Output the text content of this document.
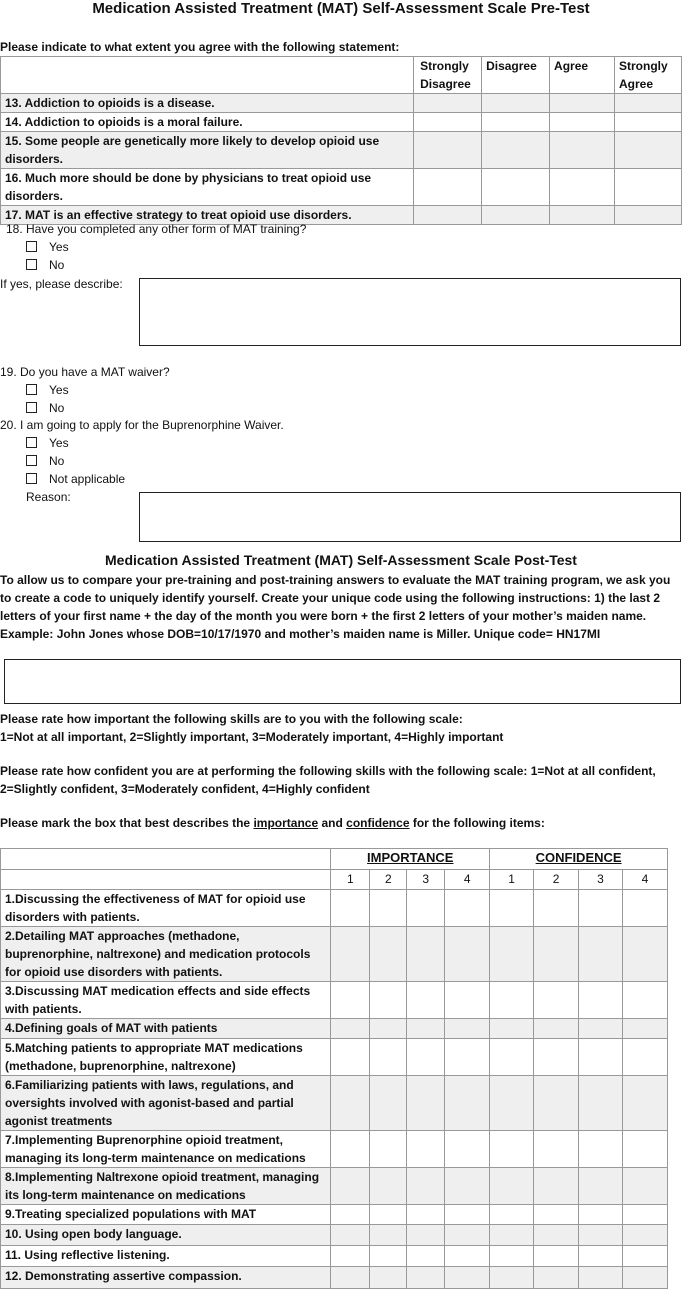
Medication Assisted Treatment (MAT) Self-Assessment Scale Pre-Test
Please indicate to what extent you agree with the following statement:
	Strongly Disagree	Disagree	Agree	Strongly Agree
13. Addiction to opioids is a disease.				
14. Addiction to opioids is a moral failure.				
15. Some people are genetically more likely to develop opioid use disorders.				
16. Much more should be done by physicians to treat opioid use disorders.				
17. MAT is an effective strategy to treat opioid use disorders.				
18. Have you completed any other form of MAT training?
Yes
No
If yes, please describe:
19. Do you have a MAT waiver?
Yes
No
20. I am going to apply for the Buprenorphine Waiver.
Yes
No
Not applicable
Reason:
Medication Assisted Treatment (MAT) Self-Assessment Scale Post-Test
To allow us to compare your pre-training and post-training answers to evaluate the MAT training program, we ask you to create a code to uniquely identify yourself. Create your unique code using the following instructions: 1) the last 2 letters of your first name + the day of the month you were born + the first 2 letters of your mother’s maiden name. Example: John Jones whose DOB=10/17/1970 and mother’s maiden name is Miller. Unique code= HN17MI
Please rate how important the following skills are to you with the following scale:
1=Not at all important, 2=Slightly important, 3=Moderately important, 4=Highly important
Please rate how confident you are at performing the following skills with the following scale: 1=Not at all confident, 2=Slightly confident, 3=Moderately confident, 4=Highly confident
Please mark the box that best describes the importance and confidence for the following items:
	IMPORTANCE				CONFIDENCE			
	1	2	3	4	1	2	3	4
1.Discussing the effectiveness of MAT for opioid use disorders with patients.								
2.Detailing MAT approaches (methadone, buprenorphine, naltrexone) and medication protocols for opioid use disorders with patients.								
3.Discussing MAT medication effects and side effects with patients.								
4.Defining goals of MAT with patients								
5.Matching patients to appropriate MAT medications (methadone, buprenorphine, naltrexone)								
6.Familiarizing patients with laws, regulations, and oversights involved with agonist-based and partial agonist treatments								
7.Implementing Buprenorphine opioid treatment, managing its long-term maintenance on medications								
8.Implementing Naltrexone opioid treatment, managing its long-term maintenance on medications								
9.Treating specialized populations with MAT								
10. Using open body language.								
11. Using reflective listening.								
12. Demonstrating assertive compassion.								
